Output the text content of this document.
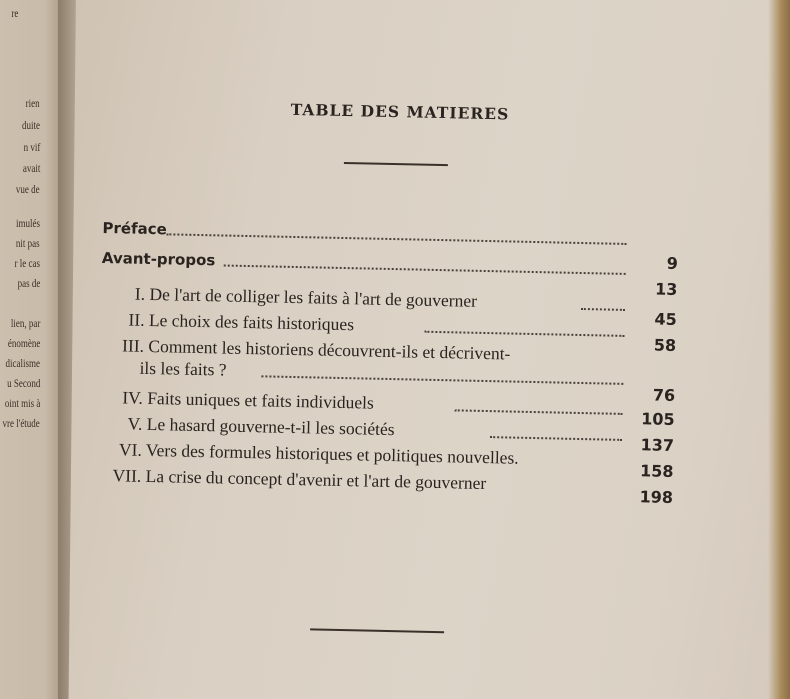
re
rien
duite
n vif
avait
vue de
imulés
nit pas
r le cas
pas de
lien, par
énomène
dicalisme
u Second
oint mis à
vre l'étude
TABLE DES MATIERES
Préface
9
Avant-propos
13
I. De l'art de colliger les faits à l'art de gouverner
45
II. Le choix des faits historiques
58
III. Comment les historiens découvrent-ils et décrivent-
ils les faits ?
76
IV. Faits uniques et faits individuels
105
V. Le hasard gouverne-t-il les sociétés
137
VI. Vers des formules historiques et politiques nouvelles.
158
VII. La crise du concept d'avenir et l'art de gouverner
198
